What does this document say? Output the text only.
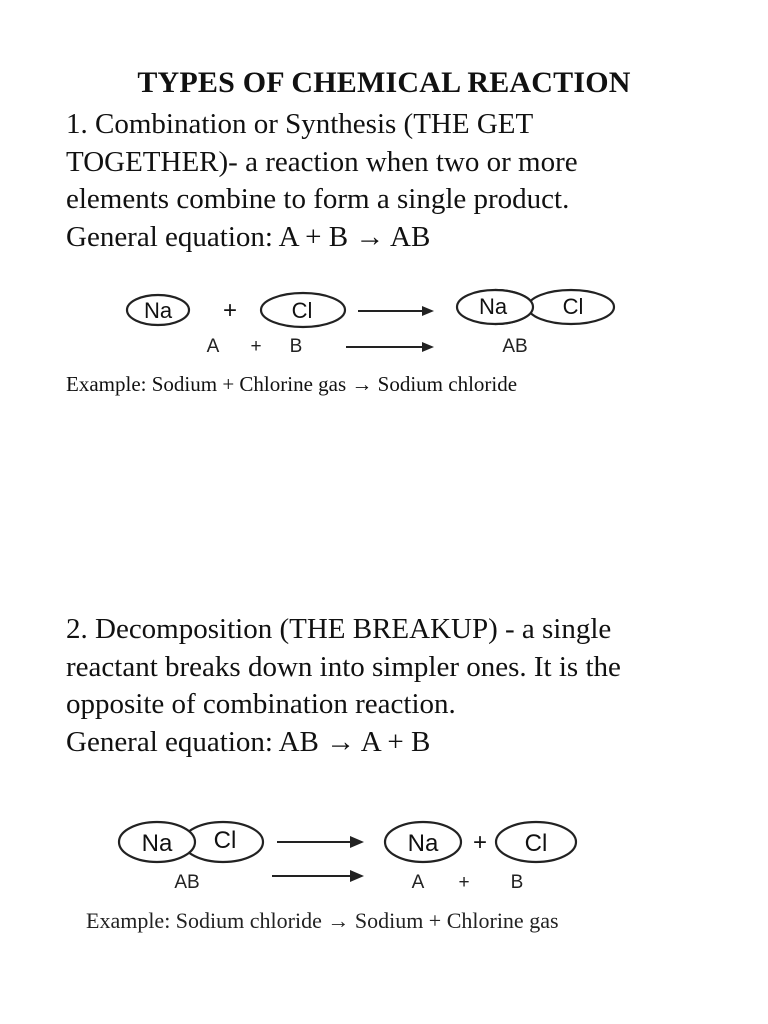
TYPES OF CHEMICAL REACTION
1. Combination or Synthesis (THE GET
TOGETHER)- a reaction when two or more
elements combine to form a single product.
General equation: A + B → AB
Na + Cl	Na	Cl
A + B	AB
Example: Sodium + Chlorine gas → Sodium chloride
2. Decomposition (THE BREAKUP) - a single
reactant breaks down into simpler ones. It is the
opposite of combination reaction.
General equation: AB → A + B
Na Cl	Na + Cl
AB	A + B
Example: Sodium chloride → Sodium + Chlorine gas
